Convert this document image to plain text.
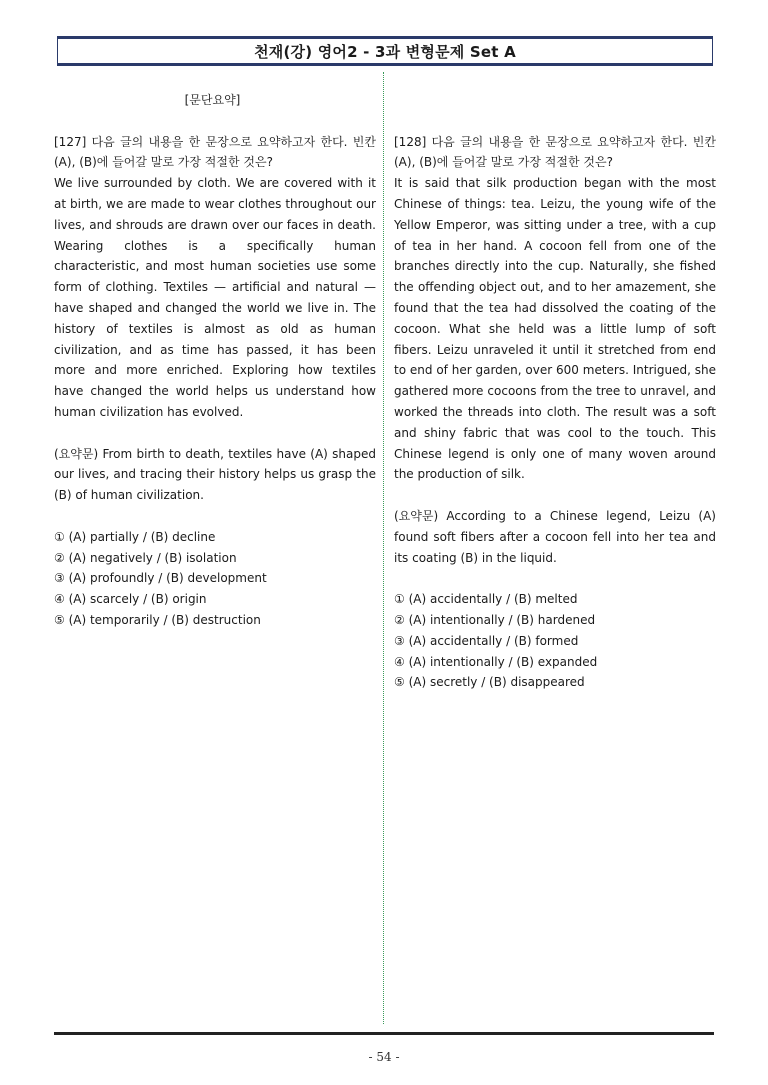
천재(강) 영어2 - 3과 변형문제 Set A
[문단요약]

[127] 다음 글의 내용을 한 문장으로 요약하고자 한다. 빈칸 (A), (B)에 들어갈 말로 가장 적절한 것은?

We live surrounded by cloth. We are covered with it at birth, we are made to wear clothes throughout our lives, and shrouds are drawn over our faces in death. Wearing clothes is a specifically human characteristic, and most human societies use some form of clothing. Textiles — artificial and natural — have shaped and changed the world we live in. The history of textiles is almost as old as human civilization, and as time has passed, it has been more and more enriched. Exploring how textiles have changed the world helps us understand how human civilization has evolved.

(요약문) From birth to death, textiles have (A) shaped our lives, and tracing their history helps us grasp the (B) of human civilization.

① (A) partially / (B) decline
② (A) negatively / (B) isolation
③ (A) profoundly / (B) development
④ (A) scarcely / (B) origin
⑤ (A) temporarily / (B) destruction

[128] 다음 글의 내용을 한 문장으로 요약하고자 한다. 빈칸 (A), (B)에 들어갈 말로 가장 적절한 것은?

It is said that silk production began with the most Chinese of things: tea. Leizu, the young wife of the Yellow Emperor, was sitting under a tree, with a cup of tea in her hand. A cocoon fell from one of the branches directly into the cup. Naturally, she fished the offending object out, and to her amazement, she found that the tea had dissolved the coating of the cocoon. What she held was a little lump of soft fibers. Leizu unraveled it until it stretched from end to end of her garden, over 600 meters. Intrigued, she gathered more cocoons from the tree to unravel, and worked the threads into cloth. The result was a soft and shiny fabric that was cool to the touch. This Chinese legend is only one of many woven around the production of silk.

(요약문) According to a Chinese legend, Leizu (A) found soft fibers after a cocoon fell into her tea and its coating (B) in the liquid.

① (A) accidentally / (B) melted
② (A) intentionally / (B) hardened
③ (A) accidentally / (B) formed
④ (A) intentionally / (B) expanded
⑤ (A) secretly / (B) disappeared
- 54 -
